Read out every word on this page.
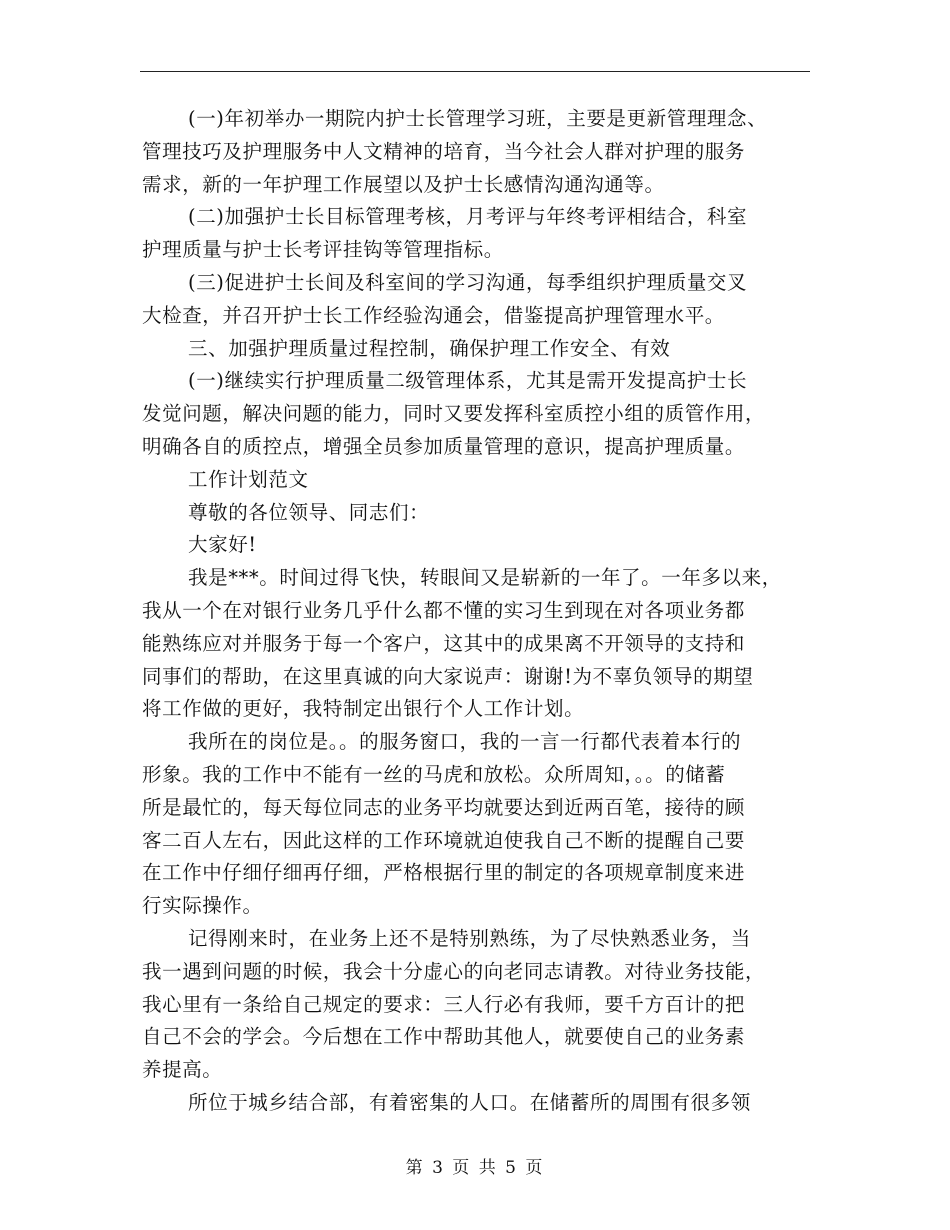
(一)年初举办一期院内护士长管理学习班，主要是更新管理理念、
管理技巧及护理服务中人文精神的培育，当今社会人群对护理的服务
需求，新的一年护理工作展望以及护士长感情沟通沟通等。
(二)加强护士长目标管理考核，月考评与年终考评相结合，科室
护理质量与护士长考评挂钩等管理指标。
(三)促进护士长间及科室间的学习沟通，每季组织护理质量交叉
大检查，并召开护士长工作经验沟通会，借鉴提高护理管理水平。
三、加强护理质量过程控制，确保护理工作安全、有效
(一)继续实行护理质量二级管理体系，尤其是需开发提高护士长
发觉问题，解决问题的能力，同时又要发挥科室质控小组的质管作用，
明确各自的质控点，增强全员参加质量管理的意识，提高护理质量。
工作计划范文
尊敬的各位领导、同志们：
大家好!
我是***。时间过得飞快，转眼间又是崭新的一年了。一年多以来，
我从一个在对银行业务几乎什么都不懂的实习生到现在对各项业务都
能熟练应对并服务于每一个客户，这其中的成果离不开领导的支持和
同事们的帮助，在这里真诚的向大家说声：谢谢!为不辜负领导的期望
将工作做的更好，我特制定出银行个人工作计划。
我所在的岗位是。。的服务窗口，我的一言一行都代表着本行的
形象。我的工作中不能有一丝的马虎和放松。众所周知，。。的储蓄
所是最忙的，每天每位同志的业务平均就要达到近两百笔，接待的顾
客二百人左右，因此这样的工作环境就迫使我自己不断的提醒自己要
在工作中仔细仔细再仔细，严格根据行里的制定的各项规章制度来进
行实际操作。
记得刚来时，在业务上还不是特别熟练，为了尽快熟悉业务，当
我一遇到问题的时候，我会十分虚心的向老同志请教。对待业务技能，
我心里有一条给自己规定的要求：三人行必有我师，要千方百计的把
自己不会的学会。今后想在工作中帮助其他人，就要使自己的业务素
养提高。
所位于城乡结合部，有着密集的人口。在储蓄所的周围有很多领
第 3 页 共 5 页
